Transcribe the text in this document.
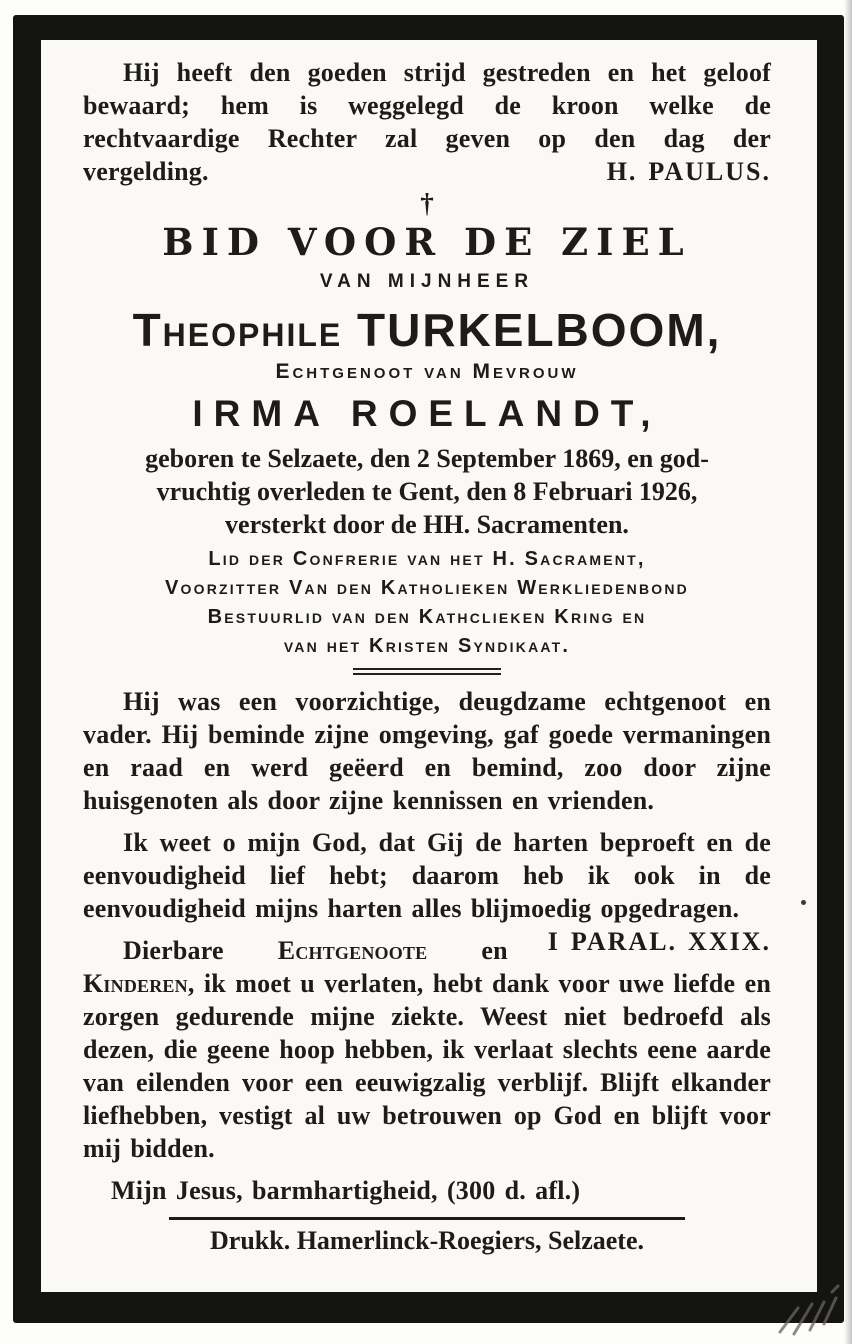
Hij heeft den goeden strijd gestreden en het geloof bewaard; hem is weggelegd de kroon welke de rechtvaardige Rechter zal geven op den dag der vergelding.	H. PAULUS.

†
BID VOOR DE ZIEL
VAN MIJNHEER
Theophile TURKELBOOM,
Echtgenoot van Mevrouw
IRMA ROELANDT,
geboren te Selzaete, den 2 September 1869, en god-
vruchtig overleden te Gent, den 8 Februari 1926,
versterkt door de HH. Sacramenten.
Lid der Confrerie van het H. Sacrament,
Voorzitter Van den Katholieken Werkliedenbond
Bestuurlid van den Kathclieken Kring en
van het Kristen Syndikaat.

Hij was een voorzichtige, deugdzame echtgenoot en vader. Hij beminde zijne omgeving, gaf goede vermaningen en raad en werd geëerd en bemind, zoo door zijne huisgenoten als door zijne kennissen en vrienden.

Ik weet o mijn God, dat Gij de harten beproeft en de eenvoudigheid lief hebt; daarom heb ik ook in de eenvoudigheid mijns harten alles blijmoedig opgedragen.
I PARAL. XXIX.

Dierbare Echtgenoote en Kinderen, ik moet u verlaten, hebt dank voor uwe liefde en zorgen gedurende mijne ziekte. Weest niet bedroefd als dezen, die geene hoop hebben, ik verlaat slechts eene aarde van eilenden voor een eeuwigzalig verblijf. Blijft elkander liefhebben, vestigt al uw betrouwen op God en blijft voor mij bidden.

Mijn Jesus, barmhartigheid, (300 d. afl.)

Drukk. Hamerlinck-Roegiers, Selzaete.
